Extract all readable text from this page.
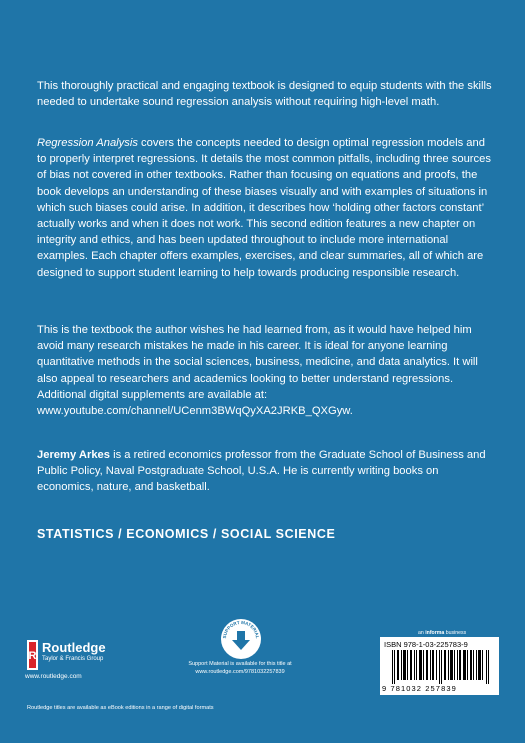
This thoroughly practical and engaging textbook is designed to equip students with the skills needed to undertake sound regression analysis without requiring high-level math.

Regression Analysis covers the concepts needed to design optimal regression models and to properly interpret regressions. It details the most common pitfalls, including three sources of bias not covered in other textbooks. Rather than focusing on equations and proofs, the book develops an understanding of these biases visually and with examples of situations in which such biases could arise. In addition, it describes how ‘holding other factors constant’ actually works and when it does not work. This second edition features a new chapter on integrity and ethics, and has been updated throughout to include more international examples. Each chapter offers examples, exercises, and clear summaries, all of which are designed to support student learning to help towards producing responsible research.

This is the textbook the author wishes he had learned from, as it would have helped him avoid many research mistakes he made in his career. It is ideal for anyone learning quantitative methods in the social sciences, business, medicine, and data analytics. It will also appeal to researchers and academics looking to better understand regressions. Additional digital supplements are available at: www.youtube.com/channel/UCenm3BWqQyXA2JRKB_QXGyw.

Jeremy Arkes is a retired economics professor from the Graduate School of Business and Public Policy, Naval Postgraduate School, U.S.A. He is currently writing books on economics, nature, and basketball.

STATISTICS / ECONOMICS / SOCIAL SCIENCE
an informa business
R
Routledge
Taylor & Francis Group
www.routledge.com
SUPPORT MATERIAL
Support Material is available for this title at
www.routledge.com/9781032257839
ISBN 978-1-03-225783-9
9 781032 257839
Routledge titles are available as eBook editions in a range of digital formats
